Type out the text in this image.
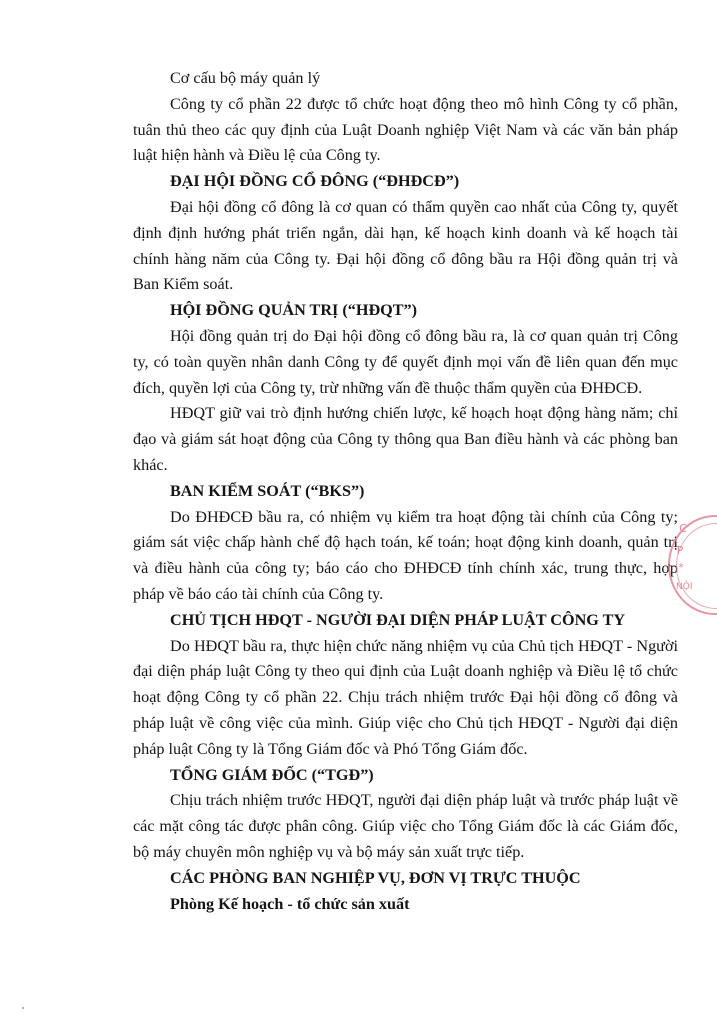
Cơ cấu bộ máy quản lý

Công ty cổ phần 22 được tổ chức hoạt động theo mô hình Công ty cổ phần, tuân thủ theo các quy định của Luật Doanh nghiệp Việt Nam và các văn bản pháp luật hiện hành và Điều lệ của Công ty.

ĐẠI HỘI ĐỒNG CỔ ĐÔNG (“ĐHĐCĐ”)

Đại hội đồng cổ đông là cơ quan có thẩm quyền cao nhất của Công ty, quyết định định hướng phát triển ngắn, dài hạn, kế hoạch kinh doanh và kế hoạch tài chính hàng năm của Công ty. Đại hội đồng cổ đông bầu ra Hội đồng quản trị và Ban Kiểm soát.

HỘI ĐỒNG QUẢN TRỊ (“HĐQT”)

Hội đồng quản trị do Đại hội đồng cổ đông bầu ra, là cơ quan quản trị Công ty, có toàn quyền nhân danh Công ty để quyết định mọi vấn đề liên quan đến mục đích, quyền lợi của Công ty, trừ những vấn đề thuộc thẩm quyền của ĐHĐCĐ.

HĐQT giữ vai trò định hướng chiến lược, kế hoạch hoạt động hàng năm; chỉ đạo và giám sát hoạt động của Công ty thông qua Ban điều hành và các phòng ban khác.

BAN KIỂM SOÁT (“BKS”)

Do ĐHĐCĐ bầu ra, có nhiệm vụ kiểm tra hoạt động tài chính của Công ty; giám sát việc chấp hành chế độ hạch toán, kế toán; hoạt động kinh doanh, quản trị và điều hành của công ty; báo cáo cho ĐHĐCĐ tính chính xác, trung thực, hợp pháp về báo cáo tài chính của Công ty.

CHỦ TỊCH HĐQT - NGƯỜI ĐẠI DIỆN PHÁP LUẬT CÔNG TY

Do HĐQT bầu ra, thực hiện chức năng nhiệm vụ của Chủ tịch HĐQT - Người đại diện pháp luật Công ty theo qui định của Luật doanh nghiệp và Điều lệ tổ chức hoạt động Công ty cổ phần 22. Chịu trách nhiệm trước Đại hội đồng cổ đông và pháp luật về công việc của mình. Giúp việc cho Chủ tịch HĐQT - Người đại diện pháp luật Công ty là Tổng Giám đốc và Phó Tổng Giám đốc.

TỔNG GIÁM ĐỐC (“TGĐ”)

Chịu trách nhiệm trước HĐQT, người đại diện pháp luật và trước pháp luật về các mặt công tác được phân công. Giúp việc cho Tổng Giám đốc là các Giám đốc, bộ máy chuyên môn nghiệp vụ và bộ máy sản xuất trực tiếp.

CÁC PHÒNG BAN NGHIỆP VỤ, ĐƠN VỊ TRỰC THUỘC

Phòng Kế hoạch - tổ chức sản xuất

C
P
*
NỘI
